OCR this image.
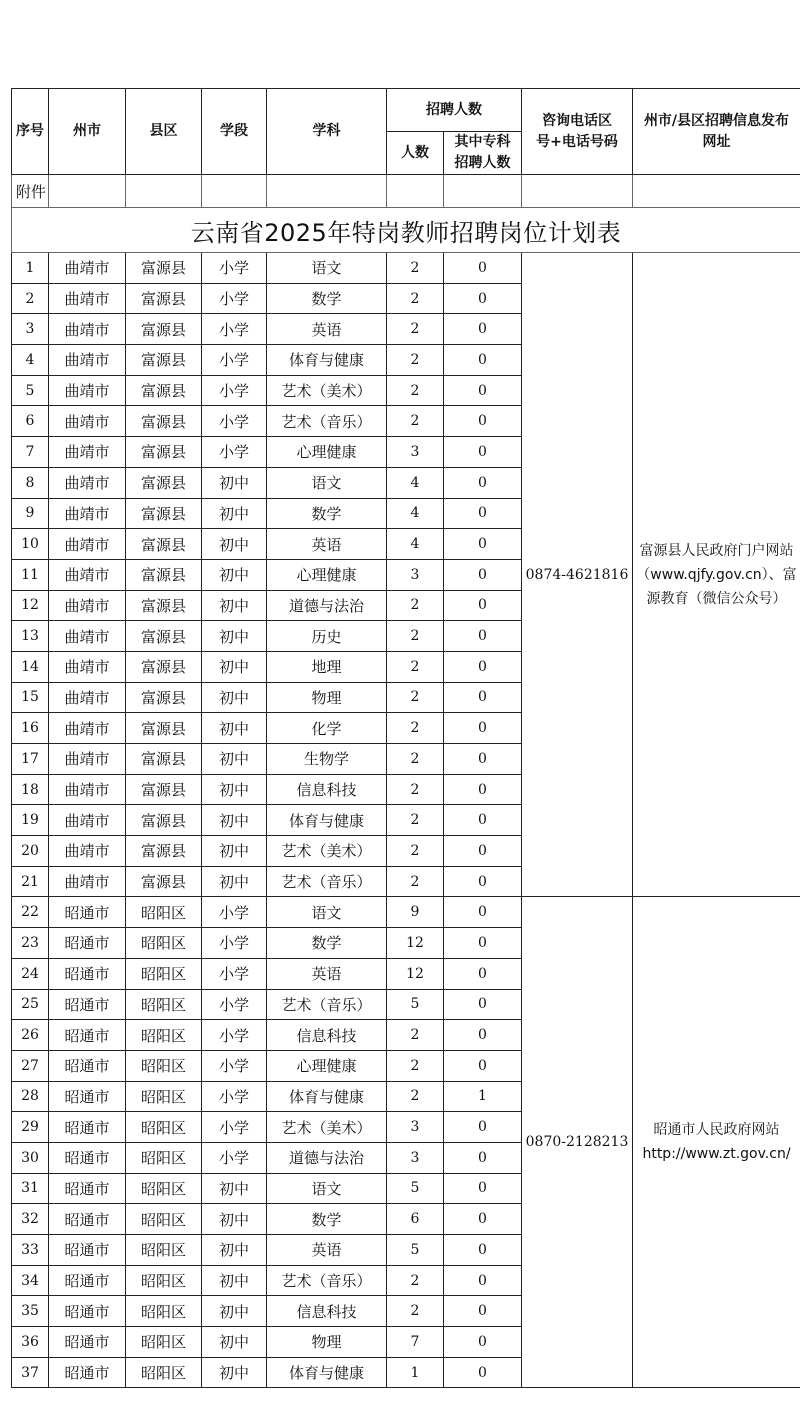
附件								
云南省2025年特岗教师招聘岗位计划表								
序号	州市	县区	学段	学科	招聘人数		咨询电话区号+电话号码	州市/县区招聘信息发布网址
					人数	其中专科招聘人数		
1	曲靖市	富源县	小学	语文	2	0	0874-4621816	富源县人民政府门户网站（www.qjfy.gov.cn）、富源教育（微信公众号）
2	曲靖市	富源县	小学	数学	2	0		
3	曲靖市	富源县	小学	英语	2	0		
4	曲靖市	富源县	小学	体育与健康	2	0		
5	曲靖市	富源县	小学	艺术（美术）	2	0		
6	曲靖市	富源县	小学	艺术（音乐）	2	0		
7	曲靖市	富源县	小学	心理健康	3	0		
8	曲靖市	富源县	初中	语文	4	0		
9	曲靖市	富源县	初中	数学	4	0		
10	曲靖市	富源县	初中	英语	4	0		
11	曲靖市	富源县	初中	心理健康	3	0		
12	曲靖市	富源县	初中	道德与法治	2	0		
13	曲靖市	富源县	初中	历史	2	0		
14	曲靖市	富源县	初中	地理	2	0		
15	曲靖市	富源县	初中	物理	2	0		
16	曲靖市	富源县	初中	化学	2	0		
17	曲靖市	富源县	初中	生物学	2	0		
18	曲靖市	富源县	初中	信息科技	2	0		
19	曲靖市	富源县	初中	体育与健康	2	0		
20	曲靖市	富源县	初中	艺术（美术）	2	0		
21	曲靖市	富源县	初中	艺术（音乐）	2	0		
22	昭通市	昭阳区	小学	语文	9	0	0870-2128213	昭通市人民政府网站http://www.zt.gov.cn/
23	昭通市	昭阳区	小学	数学	12	0		
24	昭通市	昭阳区	小学	英语	12	0		
25	昭通市	昭阳区	小学	艺术（音乐）	5	0		
26	昭通市	昭阳区	小学	信息科技	2	0		
27	昭通市	昭阳区	小学	心理健康	2	0		
28	昭通市	昭阳区	小学	体育与健康	2	1		
29	昭通市	昭阳区	小学	艺术（美术）	3	0		
30	昭通市	昭阳区	小学	道德与法治	3	0		
31	昭通市	昭阳区	初中	语文	5	0		
32	昭通市	昭阳区	初中	数学	6	0		
33	昭通市	昭阳区	初中	英语	5	0		
34	昭通市	昭阳区	初中	艺术（音乐）	2	0		
35	昭通市	昭阳区	初中	信息科技	2	0		
36	昭通市	昭阳区	初中	物理	7	0		
37	昭通市	昭阳区	初中	体育与健康	1	0		
